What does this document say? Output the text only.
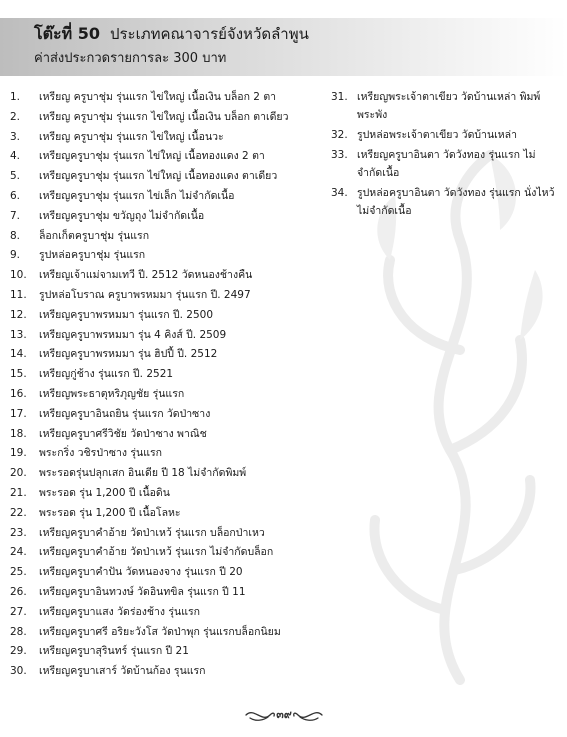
โต๊ะที่ 50 ประเภทคณาจารย์จังหวัดลำพูน
ค่าส่งประกวดรายการละ 300 บาท
1.	เหรียญ ครูบาชุ่ม รุ่นแรก ไข่ใหญ่ เนื้อเงิน บล็อก 2 ตา
2.	เหรียญ ครูบาชุ่ม รุ่นแรก ไข่ใหญ่ เนื้อเงิน บล็อก ตาเดียว
3.	เหรียญ ครูบาชุ่ม รุ่นแรก ไข่ใหญ่ เนื้อนวะ
4.	เหรียญครูบาชุ่ม รุ่นแรก ไข่ใหญ่ เนื้อทองแดง 2 ตา
5.	เหรียญครูบาชุ่ม รุ่นแรก ไข่ใหญ่ เนื้อทองแดง ตาเดียว
6.	เหรียญครูบาชุ่ม รุ่นแรก ไข่เล็ก ไม่จำกัดเนื้อ
7.	เหรียญครูบาชุ่ม ขวัญถุง ไม่จำกัดเนื้อ
8.	ล็อกเก็ตครูบาชุ่ม รุ่นแรก
9.	รูปหล่อครูบาชุ่ม รุ่นแรก
10.	เหรียญเจ้าแม่จามเทวี ปี. 2512 วัดหนองช้างคืน
11.	รูปหล่อโบราณ ครูบาพรหมมา รุ่นแรก ปี. 2497
12.	เหรียญครูบาพรหมมา รุ่นแรก ปี. 2500
13.	เหรียญครูบาพรหมมา รุ่น 4 คิงส์ ปี. 2509
14.	เหรียญครูบาพรหมมา รุ่น ฮิปปี้ ปี. 2512
15.	เหรียญกู่ช้าง รุ่นแรก ปี. 2521
16.	เหรียญพระธาตุหริภุญชัย รุ่นแรก
17.	เหรียญครูบาอินถยิน รุ่นแรก วัดป่าซาง
18.	เหรียญครูบาศรีวิชัย วัดป่าซาง พาณิช
19.	พระกริ่ง วชิรป่าซาง รุ่นแรก
20.	พระรอดรุ่นปลุกเสก อินเดีย ปี 18 ไม่จำกัดพิมพ์
21.	พระรอด รุ่น 1,200 ปี เนื้อดิน
22.	พระรอด รุ่น 1,200 ปี เนื้อโลหะ
23.	เหรียญครูบาคำอ้าย วัดป่าเหว้ รุ่นแรก บล็อกป่าเหว
24.	เหรียญครูบาคำอ้าย วัดป่าเหว้ รุ่นแรก ไม่จำกัดบล็อก
25.	เหรียญครูบาคำปัน วัดหนองจาง รุ่นแรก ปี 20
26.	เหรียญครูบาอินทวงษ์ วัดอินทขิล รุ่นแรก ปี 11
27.	เหรียญครูบาแสง วัดร่องช้าง รุ่นแรก
28.	เหรียญครูบาศรี อริยะวังโส วัดป่าพุก รุ่นแรกบล็อกนิยม
29.	เหรียญครูบาสุรินทร์ รุ่นแรก ปี 21
30.	เหรียญครูบาเสาร์ วัดบ้านก้อง รุนแรก
31. เหรียญพระเจ้าตาเขียว วัดบ้านเหล่า พิมพ์พระพัง
32. รูปหล่อพระเจ้าตาเขียว วัดบ้านเหล่า
33. เหรียญครูบาอินตา วัดวังทอง รุ่นแรก ไม่จำกัดเนื้อ
34. รูปหล่อครูบาอินตา วัดวังทอง รุ่นแรก นั่งไหว้ ไม่จำกัดเนื้อ
๓๙
